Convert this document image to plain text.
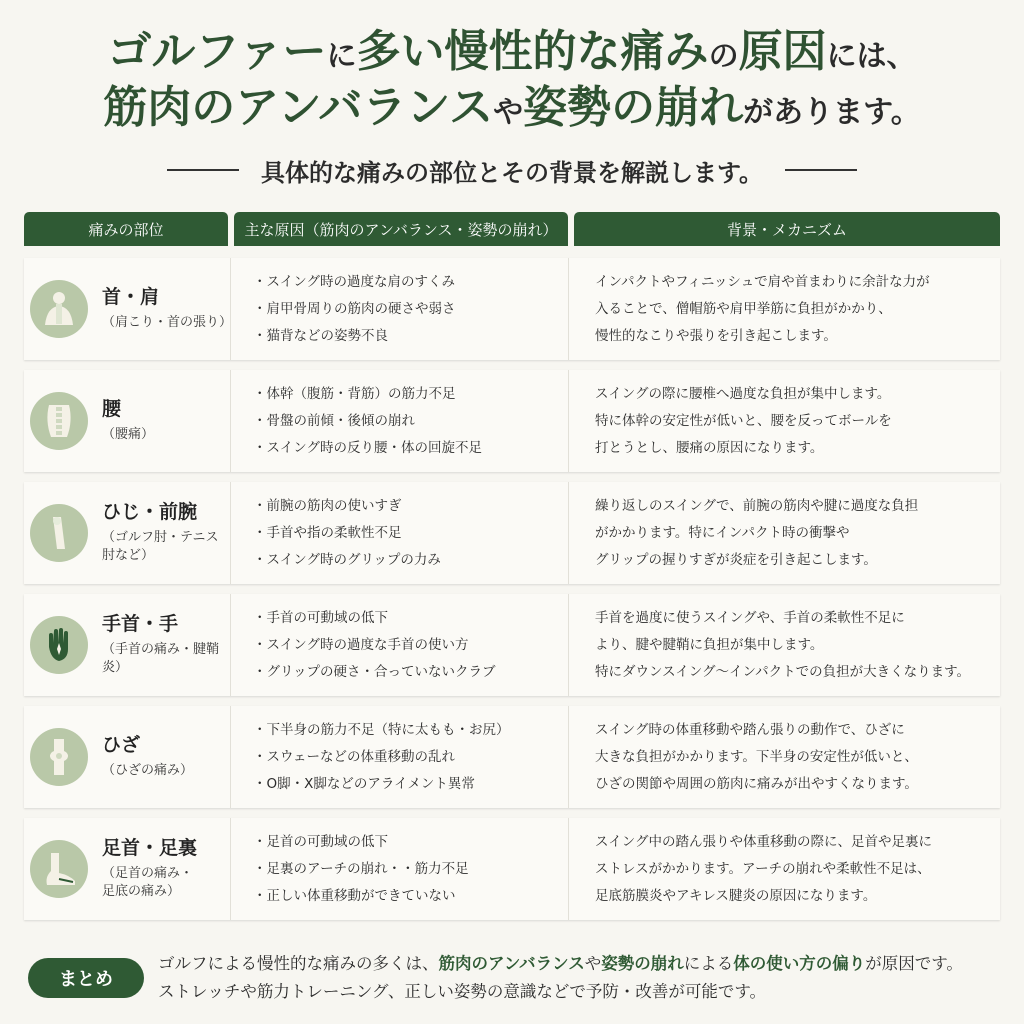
ゴルファーに多い慢性的な痛みの原因には、
筋肉のアンバランスや姿勢の崩れがあります。
具体的な痛みの部位とその背景を解説します。
痛みの部位	主な原因（筋肉のアンバランス・姿勢の崩れ）	背景・メカニズム
首・肩
（肩こり・首の張り）
・ スイング時の過度な肩のすくみ
・ 肩甲骨周りの筋肉の硬さや弱さ
・ 猫背などの姿勢不良
インパクトやフィニッシュで肩や首まわりに余計な力が
入ることで、僧帽筋や肩甲挙筋に負担がかかり、
慢性的なこりや張りを引き起こします。
腰
（腰痛）
・ 体幹（腹筋・背筋）の筋力不足
・ 骨盤の前傾・後傾の崩れ
・ スイング時の反り腰・体の回旋不足
スイングの際に腰椎へ過度な負担が集中します。
特に体幹の安定性が低いと、腰を反ってボールを
打とうとし、腰痛の原因になります。
ひじ・前腕
（ゴルフ肘・テニス肘など）
・ 前腕の筋肉の使いすぎ
・ 手首や指の柔軟性不足
・ スイング時のグリップの力み
繰り返しのスイングで、前腕の筋肉や腱に過度な負担
がかかります。特にインパクト時の衝撃や
グリップの握りすぎが炎症を引き起こします。
手首・手
（手首の痛み・腱鞘炎）
・ 手首の可動域の低下
・ スイング時の過度な手首の使い方
・ グリップの硬さ・合っていないクラブ
手首を過度に使うスイングや、手首の柔軟性不足に
より、腱や腱鞘に負担が集中します。
特にダウンスイング〜インパクトでの負担が大きくなります。
ひざ
（ひざの痛み）
・ 下半身の筋力不足（特に太もも・お尻）
・ スウェーなどの体重移動の乱れ
・ O脚・X脚などのアライメント異常
スイング時の体重移動や踏ん張りの動作で、ひざに
大きな負担がかかります。下半身の安定性が低いと、
ひざの関節や周囲の筋肉に痛みが出やすくなります。
足首・足裏
（足首の痛み・
足底の痛み）
・ 足首の可動域の低下
・ 足裏のアーチの崩れ・・筋力不足
・ 正しい体重移動ができていない
スイング中の踏ん張りや体重移動の際に、足首や足裏に
ストレスがかかります。アーチの崩れや柔軟性不足は、
足底筋膜炎やアキレス腱炎の原因になります。
まとめ
ゴルフによる慢性的な痛みの多くは、筋肉のアンバランスや姿勢の崩れによる体の使い方の偏りが原因です。
ストレッチや筋力トレーニング、正しい姿勢の意識などで予防・改善が可能です。
